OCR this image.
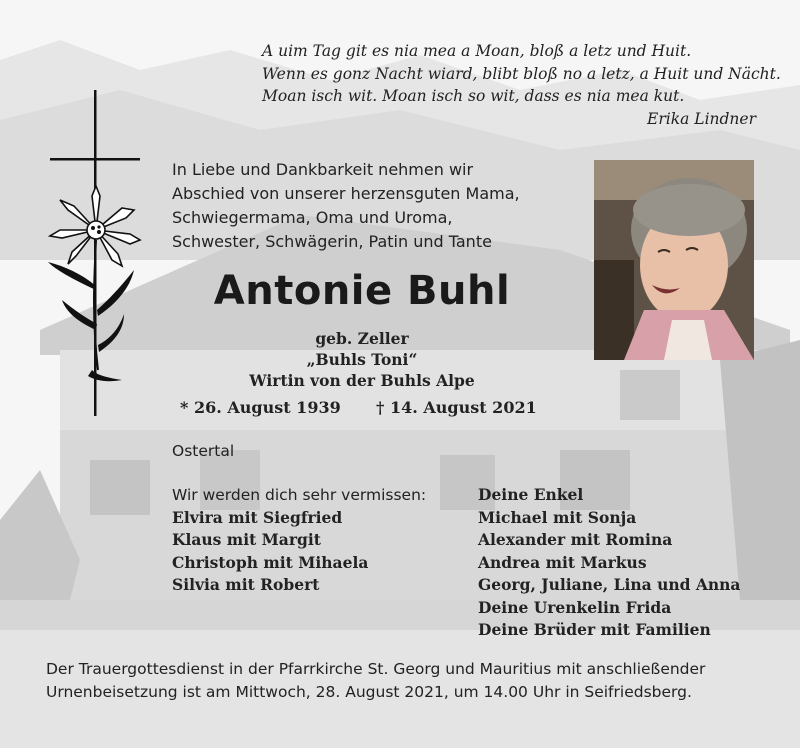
A uim Tag git es nia mea a Moan, bloß a letz und Huit.
Wenn es gonz Nacht wiard, blibt bloß no a letz, a Huit und Nächt.
Moan isch wit. Moan isch so wit, dass es nia mea kut.
Erika Lindner
In Liebe und Dankbarkeit nehmen wir
Abschied von unserer herzensguten Mama,
Schwiegermama, Oma und Uroma,
Schwester, Schwägerin, Patin und Tante
Antonie Buhl
geb. Zeller
„Buhls Toni“
Wirtin von der Buhls Alpe
* 26. August 1939 † 14. August 2021
Ostertal
Wir werden dich sehr vermissen:
Elvira mit Siegfried
Klaus mit Margit
Christoph mit Mihaela
Silvia mit Robert
Deine Enkel
Michael mit Sonja
Alexander mit Romina
Andrea mit Markus
Georg, Juliane, Lina und Anna
Deine Urenkelin Frida
Deine Brüder mit Familien
Der Trauergottesdienst in der Pfarrkirche St. Georg und Mauritius mit anschließender
Urnenbeisetzung ist am Mittwoch, 28. August 2021, um 14.00 Uhr in Seifriedsberg.
